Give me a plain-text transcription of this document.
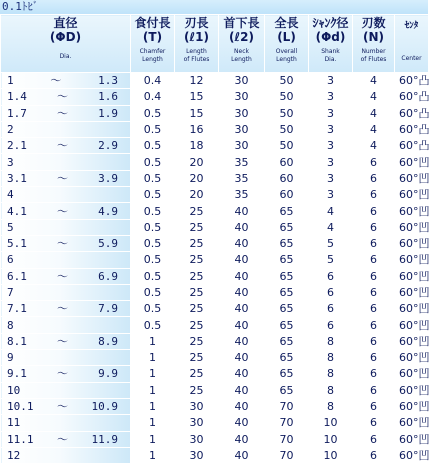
0.1ﾄﾋﾞ
直径
(ΦD)
Dia.	食付長
(T)
Chamfer
Length	刃長
(ℓ1)
Length
of Flutes	首下長
(ℓ2)
Neck
Length	全長
(L)
Overall
Length	ｼｬﾝｸ径
(Φd)
Shank
Dia.	刃数
(N)
Number
of Flutes	ｾﾝﾀ
Center

1 ～ 1.3	0.4	12	30	50	3	4	60°凸

1.4 ～ 1.6	0.4	15	30	50	3	4	60°凸

1.7 ～ 1.9	0.5	15	30	50	3	4	60°凸

2	0.5	16	30	50	3	4	60°凸

2.1 ～ 2.9	0.5	18	30	50	3	4	60°凸

3	0.5	20	35	60	3	6	60°凹

3.1 ～ 3.9	0.5	20	35	60	3	6	60°凹

4	0.5	20	35	60	3	6	60°凹

4.1 ～ 4.9	0.5	25	40	65	4	6	60°凹

5	0.5	25	40	65	4	6	60°凹

5.1 ～ 5.9	0.5	25	40	65	5	6	60°凹

6	0.5	25	40	65	5	6	60°凹

6.1 ～ 6.9	0.5	25	40	65	6	6	60°凹

7	0.5	25	40	65	6	6	60°凹

7.1 ～ 7.9	0.5	25	40	65	6	6	60°凹

8	0.5	25	40	65	6	6	60°凹

8.1 ～ 8.9	1	25	40	65	8	6	60°凹

9	1	25	40	65	8	6	60°凹

9.1 ～ 9.9	1	25	40	65	8	6	60°凹

10	1	25	40	65	8	6	60°凹

10.1 ～ 10.9	1	30	40	70	8	6	60°凹

11	1	30	40	70	10	6	60°凹

11.1 ～ 11.9	1	30	40	70	10	6	60°凹

12	1	30	40	70	10	6	60°凹
